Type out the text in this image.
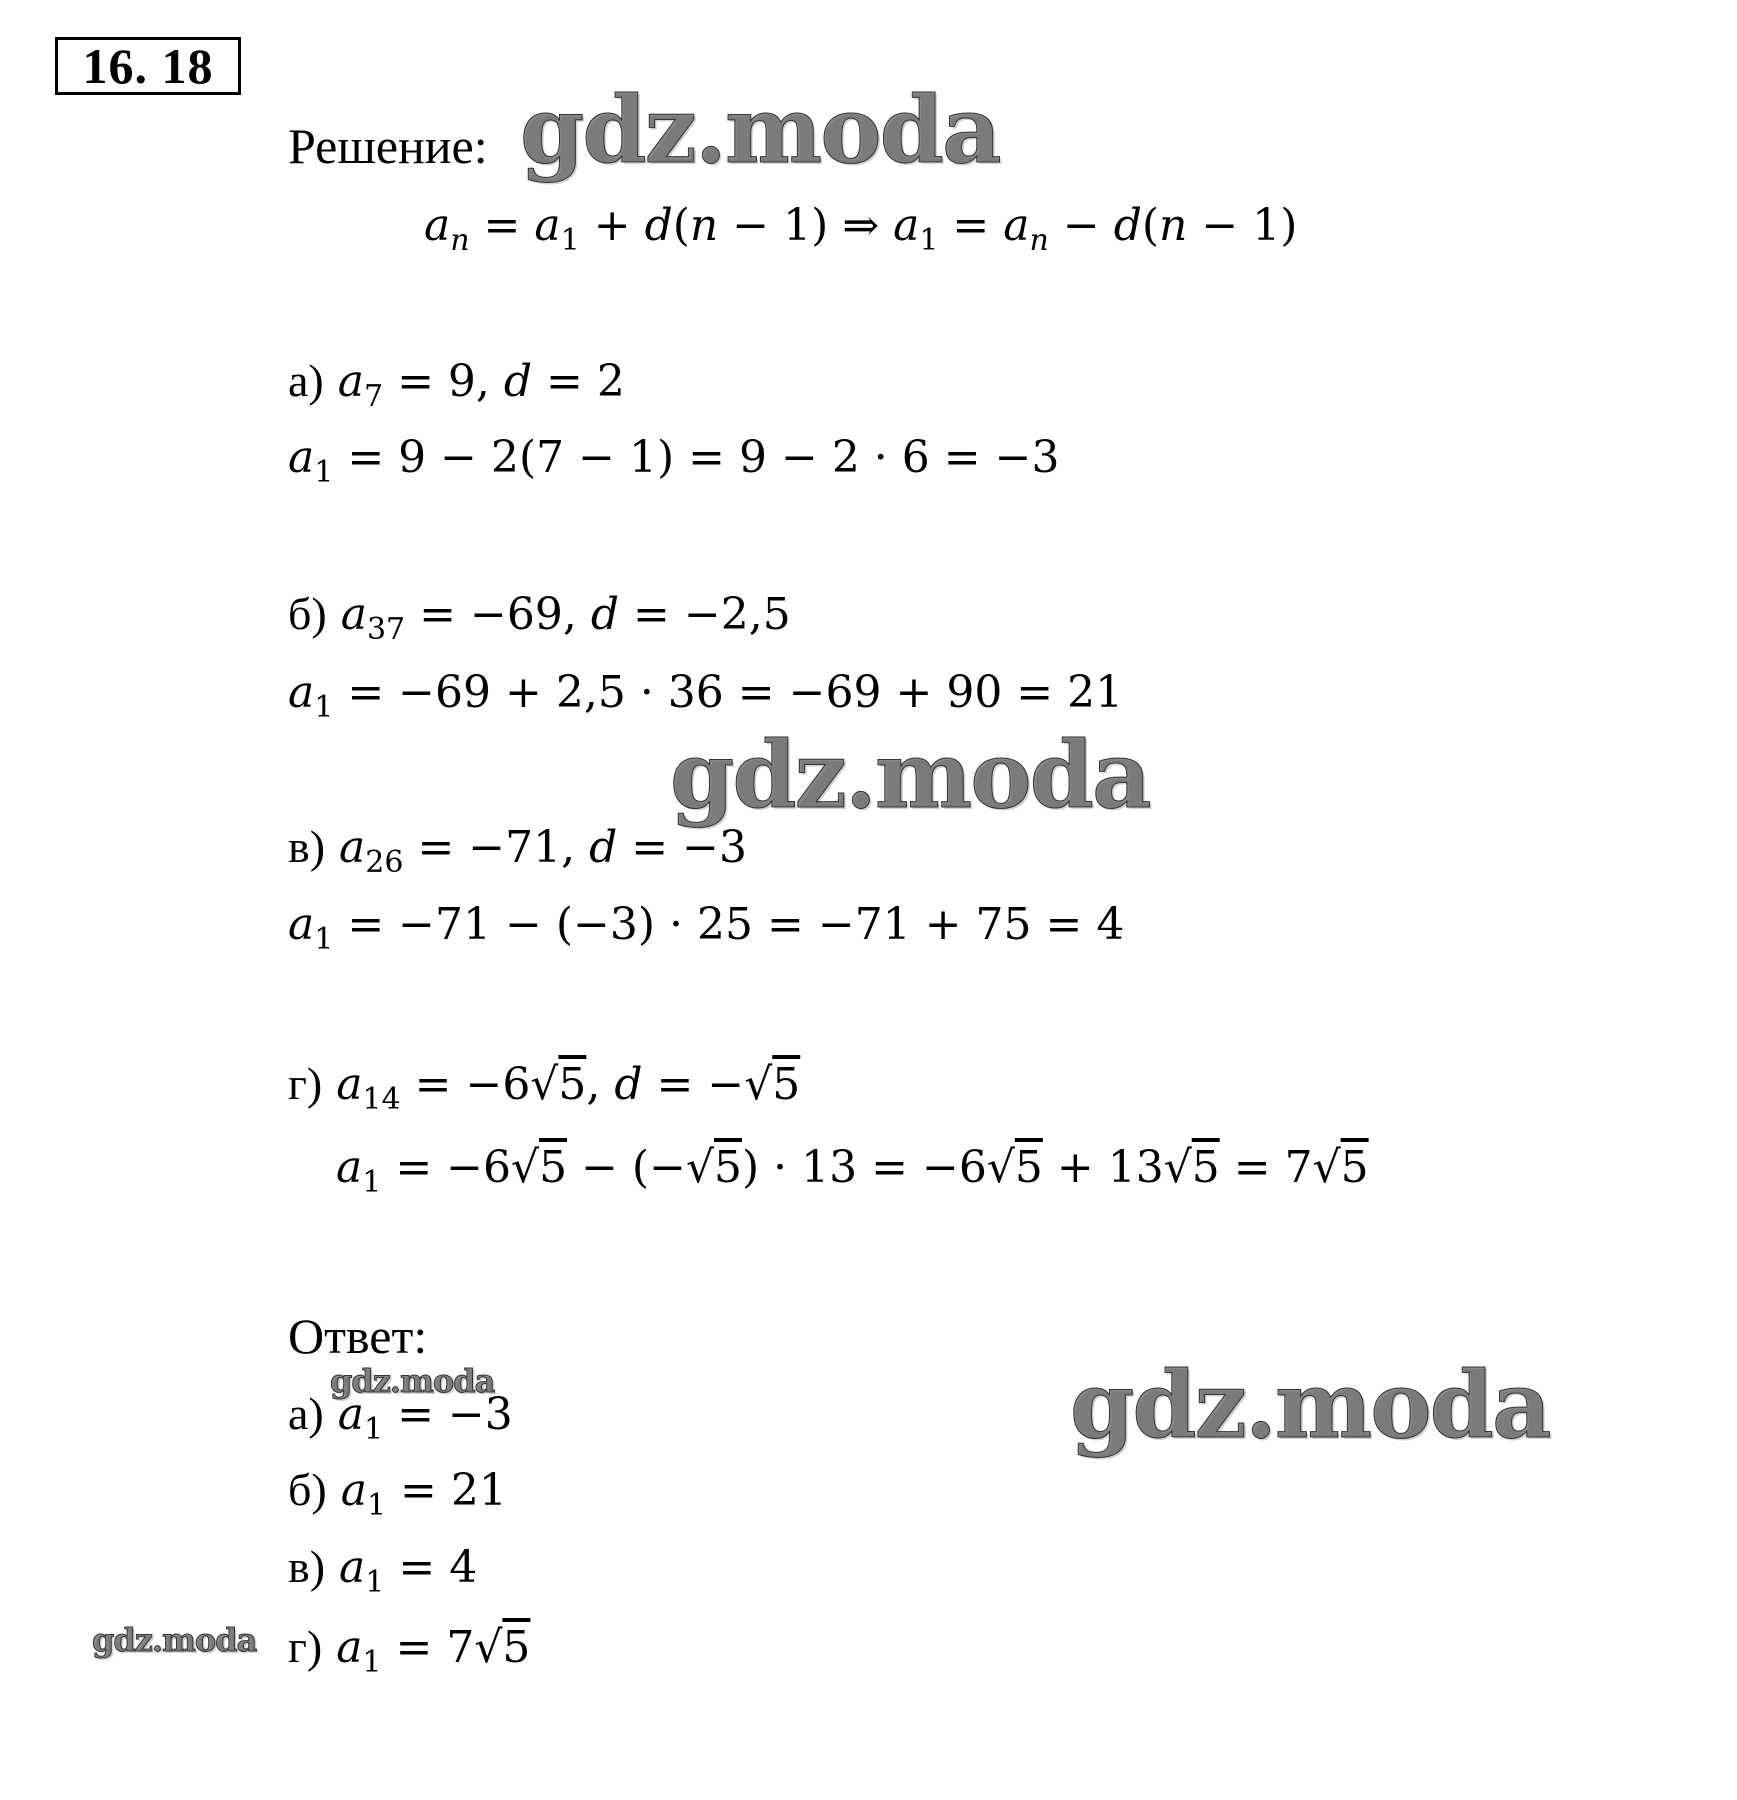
16. 18
gdz.moda
gdz.moda
gdz.moda
gdz.moda
gdz.moda
Решение:
$a_n = a_1 + d(n - 1)$ ⇒ $a_1 = a_n - d(n - 1)$
а) $a_7 = 9$, d = 2
$a_1 = 9 - 2(7 - 1) = 9 - 2 \cdot 6 = -3$
б) $a_{37} = -69$, d = −2,5
$a_1 = -69 + 2,5 \cdot 36 = -69 + 90 = 21$
в) $a_{26} = -71$, d = −3
$a_1 = -71 - (-3) \cdot 25 = -71 + 75 = 4$
г) $a_{14} = -6√5$, d = −√5
$a_1 = -6√5 - (-√5) \cdot 13 = -6√5 + 13√5 = 7√5$
Ответ:
а) $a_1 = -3$
б) $a_1 = 21$
в) $a_1 = 4$
г) $a_1 = 7√5$
